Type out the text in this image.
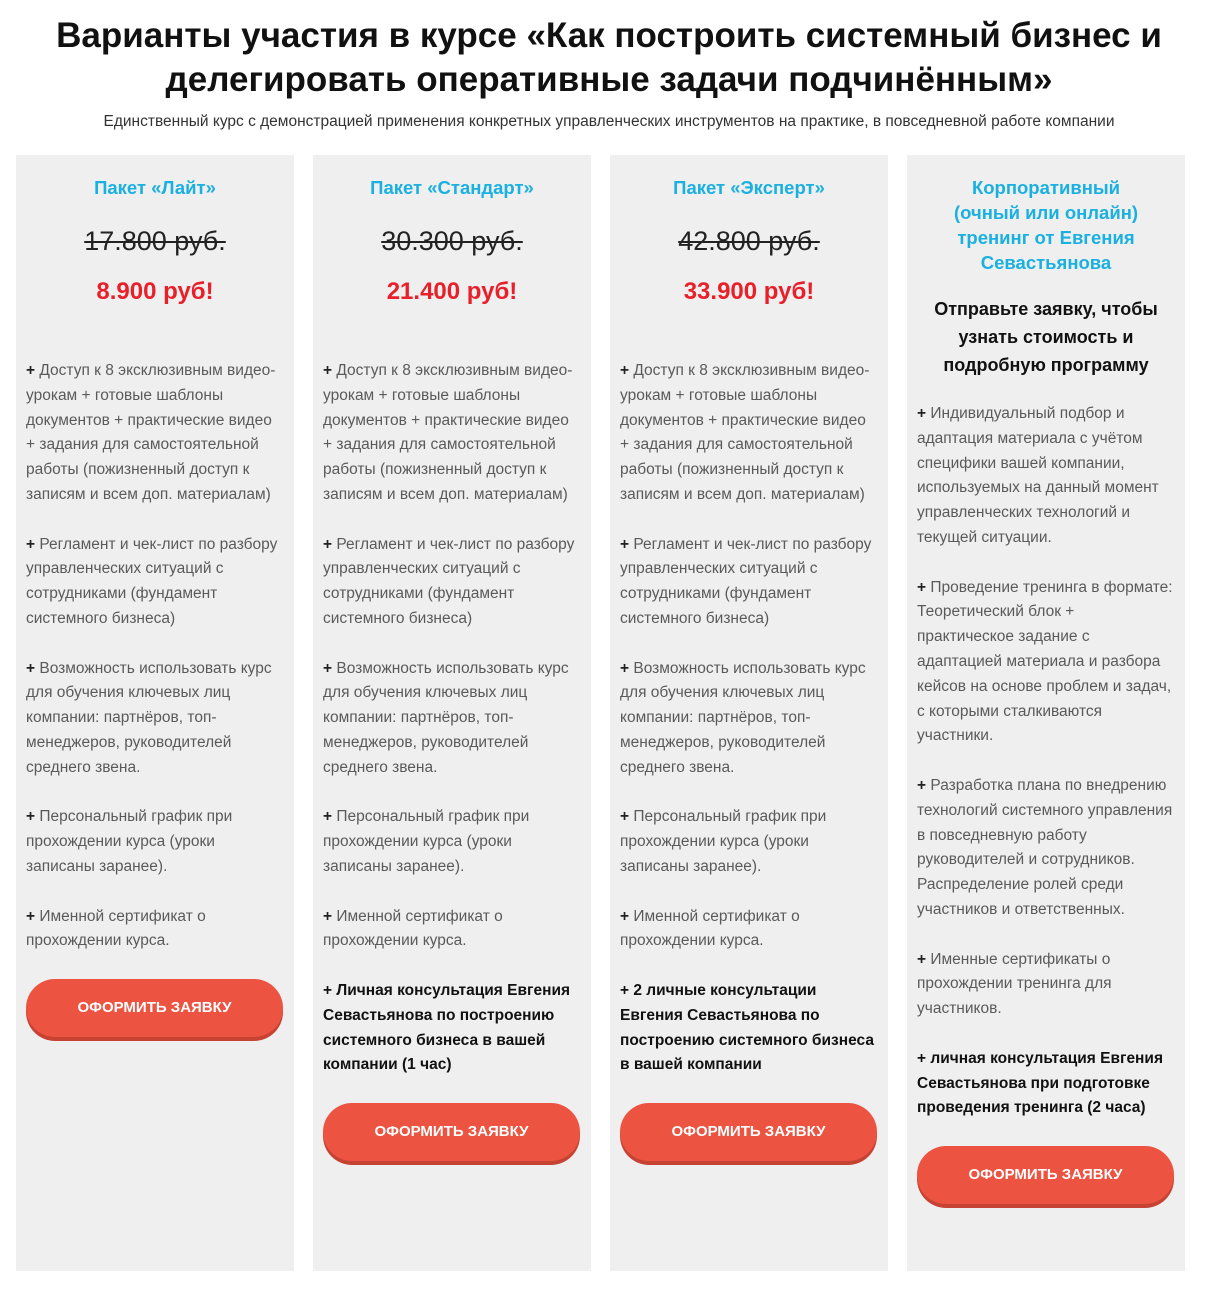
Варианты участия в курсе «Как построить системный бизнес и
делегировать оперативные задачи подчинённым»
Единственный курс с демонстрацией применения конкретных управленческих инструментов на практике, в повседневной работе компании
Пакет «Лайт»
17.800 руб.
8.900 руб!
+ Доступ к 8 эксклюзивным видео-урокам + готовые шаблоны документов + практические видео + задания для самостоятельной работы (пожизненный доступ к записям и всем доп. материалам)
+ Регламент и чек-лист по разбору управленческих ситуаций с сотрудниками (фундамент системного бизнеса)
+ Возможность использовать курс для обучения ключевых лиц компании: партнёров, топ-менеджеров, руководителей среднего звена.
+ Персональный график при прохождении курса (уроки записаны заранее).
+ Именной сертификат о прохождении курса.
ОФОРМИТЬ ЗАЯВКУ
Пакет «Стандарт»
30.300 руб.
21.400 руб!
+ Доступ к 8 эксклюзивным видео-урокам + готовые шаблоны документов + практические видео + задания для самостоятельной работы (пожизненный доступ к записям и всем доп. материалам)
+ Регламент и чек-лист по разбору управленческих ситуаций с сотрудниками (фундамент системного бизнеса)
+ Возможность использовать курс для обучения ключевых лиц компании: партнёров, топ-менеджеров, руководителей среднего звена.
+ Персональный график при прохождении курса (уроки записаны заранее).
+ Именной сертификат о прохождении курса.
+ Личная консультация Евгения Севастьянова по построению системного бизнеса в вашей компании (1 час)
ОФОРМИТЬ ЗАЯВКУ
Пакет «Эксперт»
42.800 руб.
33.900 руб!
+ Доступ к 8 эксклюзивным видео-урокам + готовые шаблоны документов + практические видео + задания для самостоятельной работы (пожизненный доступ к записям и всем доп. материалам)
+ Регламент и чек-лист по разбору управленческих ситуаций с сотрудниками (фундамент системного бизнеса)
+ Возможность использовать курс для обучения ключевых лиц компании: партнёров, топ-менеджеров, руководителей среднего звена.
+ Персональный график при прохождении курса (уроки записаны заранее).
+ Именной сертификат о прохождении курса.
+ 2 личные консультации Евгения Севастьянова по построению системного бизнеса в вашей компании
ОФОРМИТЬ ЗАЯВКУ
Корпоративный (очный или онлайн) тренинг от Евгения Севастьянова
Отправьте заявку, чтобы узнать стоимость и подробную программу
+ Индивидуальный подбор и адаптация материала с учётом специфики вашей компании, используемых на данный момент управленческих технологий и текущей ситуации.
+ Проведение тренинга в формате: Теоретический блок + практическое задание с адаптацией материала и разбора кейсов на основе проблем и задач, с которыми сталкиваются участники.
+ Разработка плана по внедрению технологий системного управления в повседневную работу руководителей и сотрудников. Распределение ролей среди участников и ответственных.
+ Именные сертификаты о прохождении тренинга для участников.
+ личная консультация Евгения Севастьянова при подготовке проведения тренинга (2 часа)
ОФОРМИТЬ ЗАЯВКУ
